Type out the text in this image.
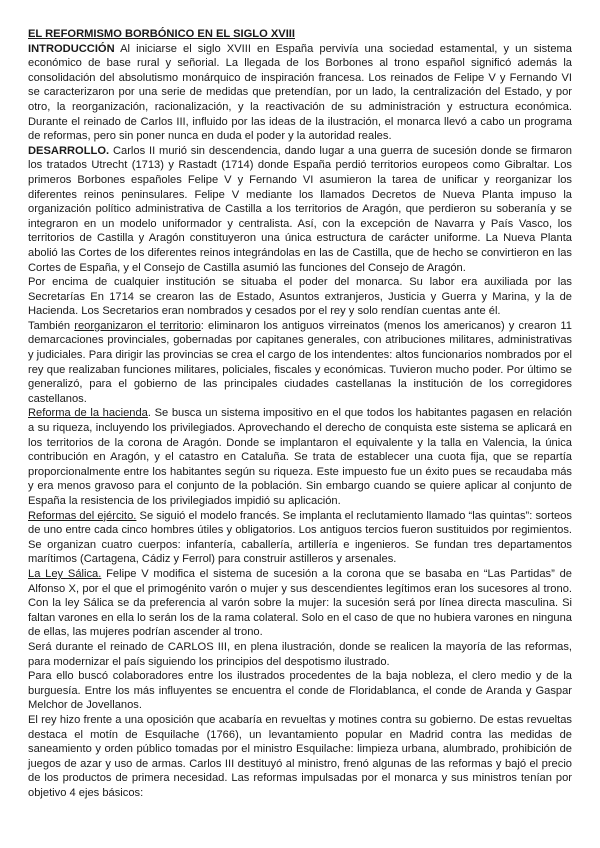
EL REFORMISMO BORBÓNICO EN EL SIGLO XVIII

INTRODUCCIÓN Al iniciarse el siglo XVIII en España pervivía una sociedad estamental, y un sistema económico de base rural y señorial. La llegada de los Borbones al trono español significó además la consolidación del absolutismo monárquico de inspiración francesa. Los reinados de Felipe V y Fernando VI se caracterizaron por una serie de medidas que pretendían, por un lado, la centralización del Estado, y por otro, la reorganización, racionalización, y la reactivación de su administración y estructura económica. Durante el reinado de Carlos III, influido por las ideas de la ilustración, el monarca llevó a cabo un programa de reformas, pero sin poner nunca en duda el poder y la autoridad reales.

DESARROLLO. Carlos II murió sin descendencia, dando lugar a una guerra de sucesión donde se firmaron los tratados Utrecht (1713) y Rastadt (1714) donde España perdió territorios europeos como Gibraltar. Los primeros Borbones españoles Felipe V y Fernando VI asumieron la tarea de unificar y reorganizar los diferentes reinos peninsulares. Felipe V mediante los llamados Decretos de Nueva Planta impuso la organización político administrativa de Castilla a los territorios de Aragón, que perdieron su soberanía y se integraron en un modelo uniformador y centralista. Así, con la excepción de Navarra y País Vasco, los territorios de Castilla y Aragón constituyeron una única estructura de carácter uniforme. La Nueva Planta abolió las Cortes de los diferentes reinos integrándolas en las de Castilla, que de hecho se convirtieron en las Cortes de España, y el Consejo de Castilla asumió las funciones del Consejo de Aragón.

Por encima de cualquier institución se situaba el poder del monarca. Su labor era auxiliada por las Secretarías En 1714 se crearon las de Estado, Asuntos extranjeros, Justicia y Guerra y Marina, y la de Hacienda. Los Secretarios eran nombrados y cesados por el rey y solo rendían cuentas ante él.

También reorganizaron el territorio: eliminaron los antiguos virreinatos (menos los americanos) y crearon 11 demarcaciones provinciales, gobernadas por capitanes generales, con atribuciones militares, administrativas y judiciales. Para dirigir las provincias se crea el cargo de los intendentes: altos funcionarios nombrados por el rey que realizaban funciones militares, policiales, fiscales y económicas. Tuvieron mucho poder. Por último se generalizó, para el gobierno de las principales ciudades castellanas la institución de los corregidores castellanos.

Reforma de la hacienda. Se busca un sistema impositivo en el que todos los habitantes pagasen en relación a su riqueza, incluyendo los privilegiados. Aprovechando el derecho de conquista este sistema se aplicará en los territorios de la corona de Aragón. Donde se implantaron el equivalente y la talla en Valencia, la única contribución en Aragón, y el catastro en Cataluña. Se trata de establecer una cuota fija, que se repartía proporcionalmente entre los habitantes según su riqueza. Este impuesto fue un éxito pues se recaudaba más y era menos gravoso para el conjunto de la población. Sin embargo cuando se quiere aplicar al conjunto de España la resistencia de los privilegiados impidió su aplicación.

Reformas del ejército. Se siguió el modelo francés. Se implanta el reclutamiento llamado “las quintas”: sorteos de uno entre cada cinco hombres útiles y obligatorios. Los antiguos tercios fueron sustituidos por regimientos. Se organizan cuatro cuerpos: infantería, caballería, artillería e ingenieros. Se fundan tres departamentos marítimos (Cartagena, Cádiz y Ferrol) para construir astilleros y arsenales.

La Ley Sálica. Felipe V modifica el sistema de sucesión a la corona que se basaba en “Las Partidas” de Alfonso X, por el que el primogénito varón o mujer y sus descendientes legítimos eran los sucesores al trono. Con la ley Sálica se da preferencia al varón sobre la mujer: la sucesión será por línea directa masculina. Si faltan varones en ella lo serán los de la rama colateral. Solo en el caso de que no hubiera varones en ninguna de ellas, las mujeres podrían ascender al trono.

Será durante el reinado de CARLOS III, en plena ilustración, donde se realicen la mayoría de las reformas, para modernizar el país siguiendo los principios del despotismo ilustrado.

Para ello buscó colaboradores entre los ilustrados procedentes de la baja nobleza, el clero medio y de la burguesía. Entre los más influyentes se encuentra el conde de Floridablanca, el conde de Aranda y Gaspar Melchor de Jovellanos.

El rey hizo frente a una oposición que acabaría en revueltas y motines contra su gobierno. De estas revueltas destaca el motín de Esquilache (1766), un levantamiento popular en Madrid contra las medidas de saneamiento y orden público tomadas por el ministro Esquilache: limpieza urbana, alumbrado, prohibición de juegos de azar y uso de armas. Carlos III destituyó al ministro, frenó algunas de las reformas y bajó el precio de los productos de primera necesidad. Las reformas impulsadas por el monarca y sus ministros tenían por objetivo 4 ejes básicos:
